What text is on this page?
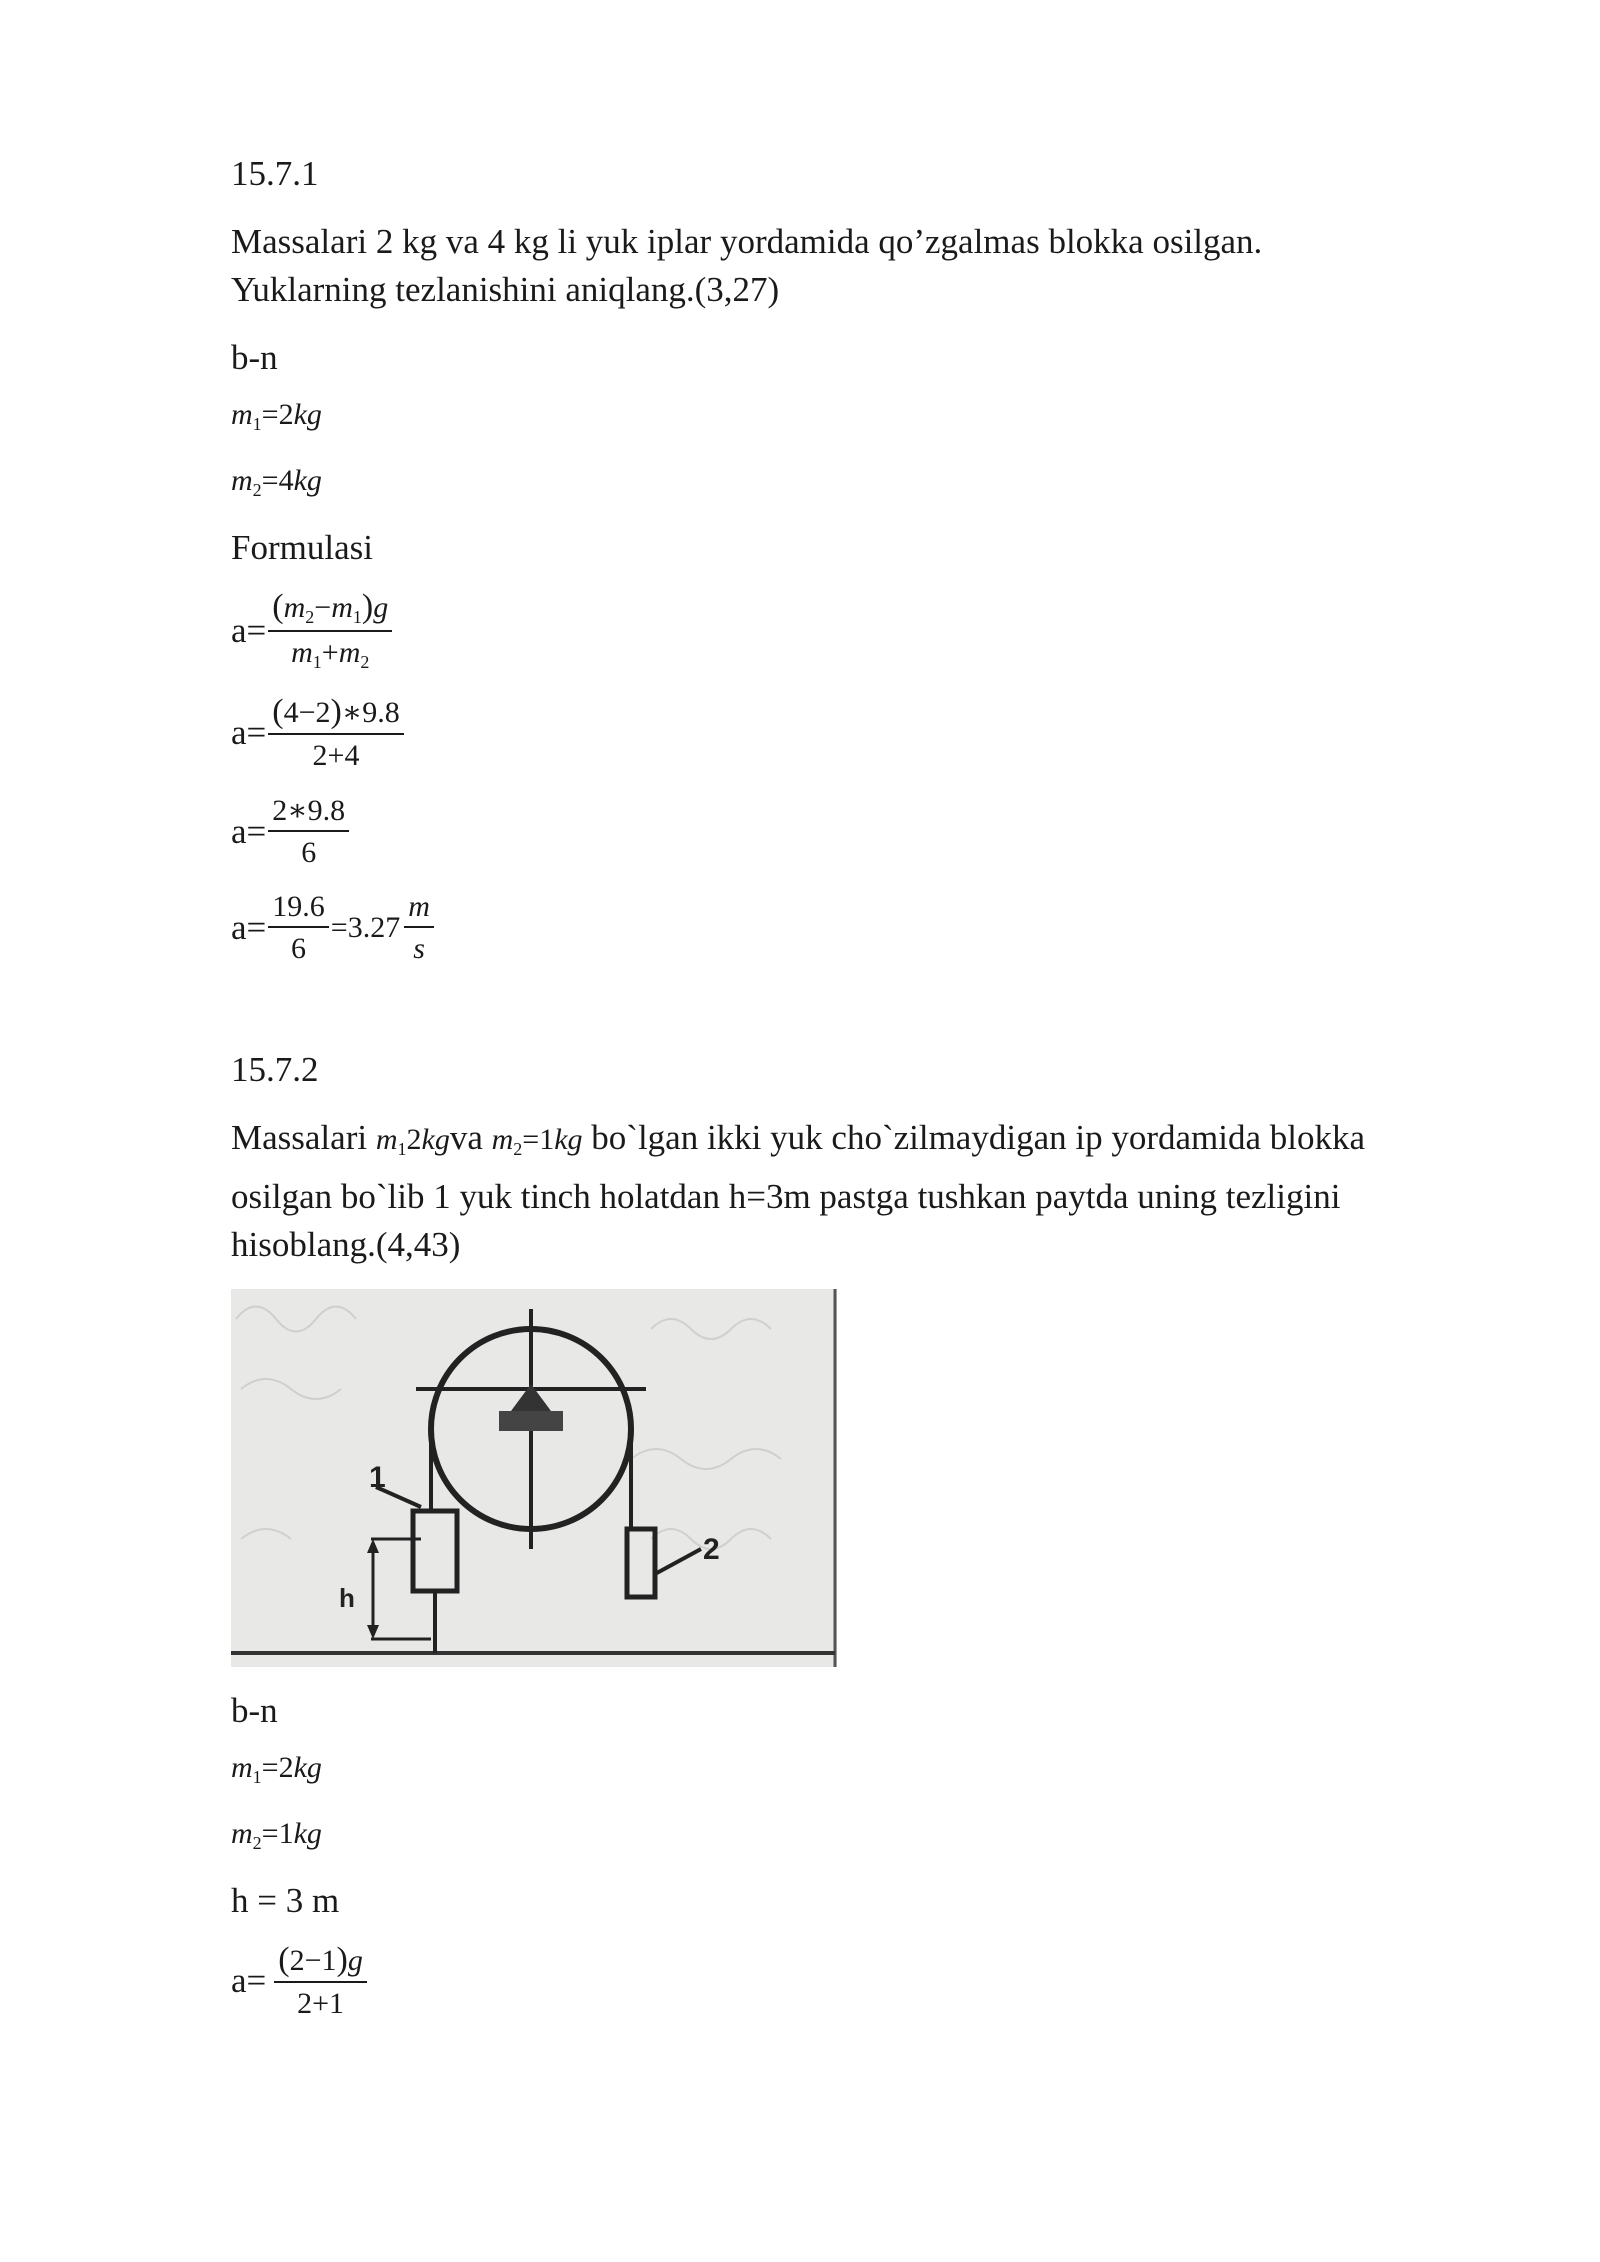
15.7.1

Massalari 2 kg va 4 kg li yuk iplar yordamida qo’zgalmas blokka osilgan.
Yuklarning tezlanishini aniqlang.(3,27)

b-n

$m_1=2kg$
$m_2=4kg$

Formulasi

$a= \frac{(m_2-m_1)g}{m_1+m_2}$
$a= \frac{(4-2)∗9.8}{2+4}$
$a= \frac{2∗9.8}{6}$
$a= \frac{19.6}{6} =3.27 \frac{m}{s}$

15.7.2

Massalari $m_12kgva$ $m_2=1kg$ bo`lgan ikki yuk cho`zilmaydigan ip yordamida blokka
osilgan bo`lib 1 yuk tinch holatdan h=3m pastga tushkan paytda uning tezligini
hisoblang.(4,43)

1
h
2

b-n

$m_1=2kg$
$m_2=1kg$

h = 3 m

$a= \frac{(2-1)g}{2+1}$
